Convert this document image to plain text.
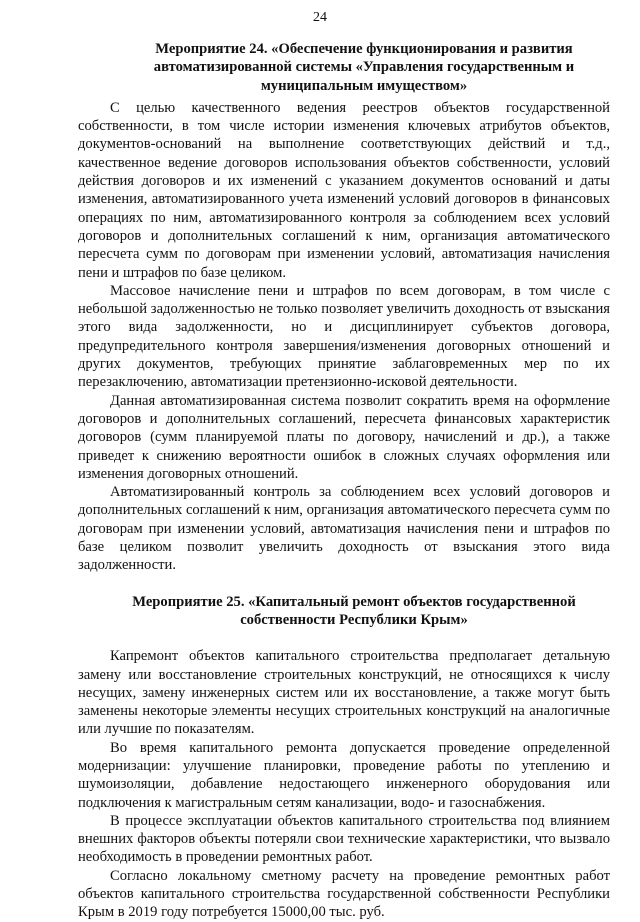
24
Мероприятие 24. «Обеспечение функционирования и развития автоматизированной системы «Управления государственным и муниципальным имуществом»

С целью качественного ведения реестров объектов государственной собственности, в том числе истории изменения ключевых атрибутов объектов, документов-оснований на выполнение соответствующих действий и т.д., качественное ведение договоров использования объектов собственности, условий действия договоров и их изменений с указанием документов оснований и даты изменения, автоматизированного учета изменений условий договоров в финансовых операциях по ним, автоматизированного контроля за соблюдением всех условий договоров и дополнительных соглашений к ним, организация автоматического пересчета сумм по договорам при изменении условий, автоматизация начисления пени и штрафов по базе целиком.

Массовое начисление пени и штрафов по всем договорам, в том числе с небольшой задолженностью не только позволяет увеличить доходность от взыскания этого вида задолженности, но и дисциплинирует субъектов договора, предупредительного контроля завершения/изменения договорных отношений и других документов, требующих принятие заблаговременных мер по их перезаключению, автоматизации претензионно-исковой деятельности.

Данная автоматизированная система позволит сократить время на оформление договоров и дополнительных соглашений, пересчета финансовых характеристик договоров (сумм планируемой платы по договору, начислений и др.), а также приведет к снижению вероятности ошибок в сложных случаях оформления или изменения договорных отношений.

Автоматизированный контроль за соблюдением всех условий договоров и дополнительных соглашений к ним, организация автоматического пересчета сумм по договорам при изменении условий, автоматизация начисления пени и штрафов по базе целиком позволит увеличить доходность от взыскания этого вида задолженности.

Мероприятие 25. «Капитальный ремонт объектов государственной собственности Республики Крым»

Капремонт объектов капитального строительства предполагает детальную замену или восстановление строительных конструкций, не относящихся к числу несущих, замену инженерных систем или их восстановление, а также могут быть заменены некоторые элементы несущих строительных конструкций на аналогичные или лучшие по показателям.

Во время капитального ремонта допускается проведение определенной модернизации: улучшение планировки, проведение работы по утеплению и шумоизоляции, добавление недостающего инженерного оборудования или подключения к магистральным сетям канализации, водо- и газоснабжения.

В процессе эксплуатации объектов капитального строительства под влиянием внешних факторов объекты потеряли свои технические характеристики, что вызвало необходимость в проведении ремонтных работ.

Согласно локальному сметному расчету на проведение ремонтных работ объектов капитального строительства государственной собственности Республики Крым в 2019 году потребуется 15000,00 тыс. руб.
